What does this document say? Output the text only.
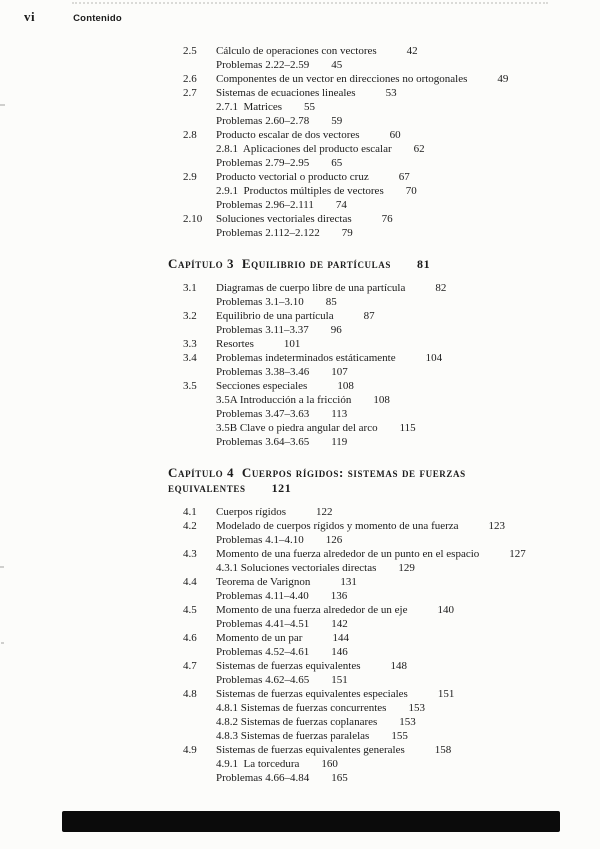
vi	Contenido
2.5 Cálculo de operaciones con vectores	42
Problemas 2.22–2.59 45
2.6 Componentes de un vector en direcciones no ortogonales	49
2.7 Sistemas de ecuaciones lineales	53
2.7.1  Matrices 55
Problemas 2.60–2.78 59
2.8 Producto escalar de dos vectores	60
2.8.1  Aplicaciones del producto escalar 62
Problemas 2.79–2.95 65
2.9 Producto vectorial o producto cruz	67
2.9.1  Productos múltiples de vectores 70
Problemas 2.96–2.111 74
2.10 Soluciones vectoriales directas	76
Problemas 2.112–2.122 79
Capítulo 3  Equilibrio de partículas 81
3.1 Diagramas de cuerpo libre de una partícula	82
Problemas 3.1–3.10 85
3.2 Equilibrio de una partícula	87
Problemas 3.11–3.37 96
3.3 Resortes	101
3.4 Problemas indeterminados estáticamente	104
Problemas 3.38–3.46 107
3.5 Secciones especiales	108
3.5A Introducción a la fricción 108
Problemas 3.47–3.63 113
3.5B Clave o piedra angular del arco 115
Problemas 3.64–3.65 119
Capítulo 4  Cuerpos rígidos: sistemas de fuerzas equivalentes 121
4.1 Cuerpos rígidos	122
4.2 Modelado de cuerpos rígidos y momento de una fuerza	123
Problemas 4.1–4.10 126
4.3 Momento de una fuerza alrededor de un punto en el espacio	127
4.3.1 Soluciones vectoriales directas 129
4.4 Teorema de Varignon	131
Problemas 4.11–4.40 136
4.5 Momento de una fuerza alrededor de un eje	140
Problemas 4.41–4.51 142
4.6 Momento de un par	144
Problemas 4.52–4.61 146
4.7 Sistemas de fuerzas equivalentes	148
Problemas 4.62–4.65 151
4.8 Sistemas de fuerzas equivalentes especiales	151
4.8.1 Sistemas de fuerzas concurrentes 153
4.8.2 Sistemas de fuerzas coplanares 153
4.8.3 Sistemas de fuerzas paralelas 155
4.9 Sistemas de fuerzas equivalentes generales	158
4.9.1  La torcedura 160
Problemas 4.66–4.84 165
